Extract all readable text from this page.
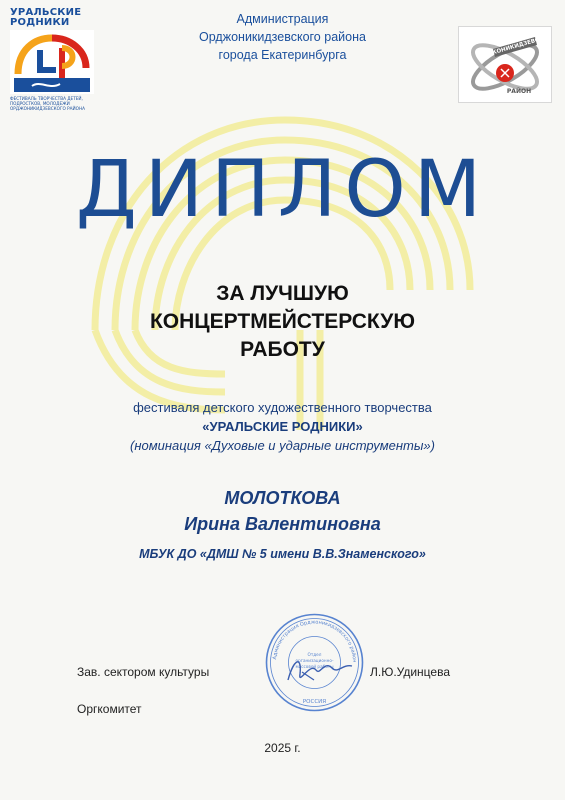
УРАЛЬСКИЕ
РОДНИКИ
ФЕСТИВАЛЬ ТВОРЧЕСТВА ДЕТЕЙ, ПОДРОСТКОВ, МОЛОДЕЖИ ОРДЖОНИКИДЗЕВСКОГО РАЙОНА
Администрация
Орджоникидзевского района
города Екатеринбурга	ОРДЖОНИКИДЗЕВСКИЙ
РАЙОН
ДИПЛОМ
ЗА ЛУЧШУЮ
КОНЦЕРТМЕЙСТЕРСКУЮ
РАБОТУ
фестиваля детского художественного творчества
«УРАЛЬСКИЕ РОДНИКИ»
(номинация «Духовые и ударные инструменты»)
МОЛОТКОВА
Ирина Валентиновна
МБУК ДО «ДМШ № 5 имени В.В.Знаменского»
Администрация Орджоникидзевского район
Отдел
организационно-
массовой работы
РОССИЯ
Зав. сектором культуры	Л.Ю.Удинцева
Оргкомитет
2025 г.
